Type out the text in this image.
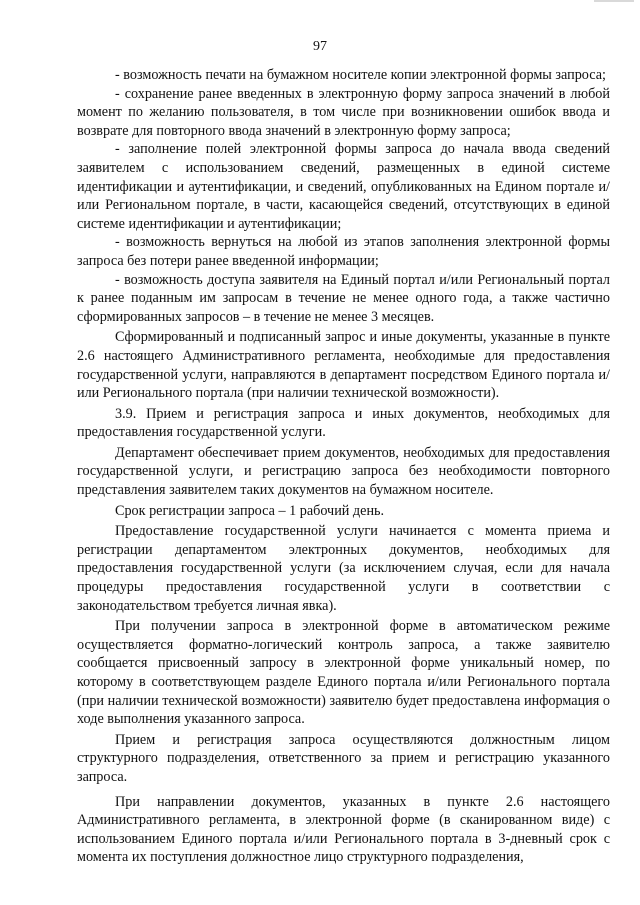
97

- возможность печати на бумажном носителе копии электронной формы запроса;

- сохранение ранее введенных в электронную форму запроса значений в любой момент по желанию пользователя, в том числе при возникновении ошибок ввода и возврате для повторного ввода значений в электронную форму запроса;

- заполнение полей электронной формы запроса до начала ввода сведений заявителем с использованием сведений, размещенных в единой системе идентификации и аутентификации, и сведений, опубликованных на Едином портале и/или Региональном портале, в части, касающейся сведений, отсутствующих в единой системе идентификации и аутентификации;

- возможность вернуться на любой из этапов заполнения электронной формы запроса без потери ранее введенной информации;

- возможность доступа заявителя на Единый портал и/или Региональный портал к ранее поданным им запросам в течение не менее одного года, а также частично сформированных запросов – в течение не менее 3 месяцев.

Сформированный и подписанный запрос и иные документы, указанные в пункте 2.6 настоящего Административного регламента, необходимые для предоставления государственной услуги, направляются в департамент посредством Единого портала и/или Регионального портала (при наличии технической возможности).

3.9. Прием и регистрация запроса и иных документов, необходимых для предоставления государственной услуги.

Департамент обеспечивает прием документов, необходимых для предоставления государственной услуги, и регистрацию запроса без необходимости повторного представления заявителем таких документов на бумажном носителе.

Срок регистрации запроса – 1 рабочий день.

Предоставление государственной услуги начинается с момента приема и регистрации департаментом электронных документов, необходимых для предоставления государственной услуги (за исключением случая, если для начала процедуры предоставления государственной услуги в соответствии с законодательством требуется личная явка).

При получении запроса в электронной форме в автоматическом режиме осуществляется форматно-логический контроль запроса, а также заявителю сообщается присвоенный запросу в электронной форме уникальный номер, по которому в соответствующем разделе Единого портала и/или Регионального портала (при наличии технической возможности) заявителю будет предоставлена информация о ходе выполнения указанного запроса.

Прием и регистрация запроса осуществляются должностным лицом структурного подразделения, ответственного за прием и регистрацию указанного запроса.

При направлении документов, указанных в пункте 2.6 настоящего Административного регламента, в электронной форме (в сканированном виде) с использованием Единого портала и/или Регионального портала в 3-дневный срок с момента их поступления должностное лицо структурного подразделения,
